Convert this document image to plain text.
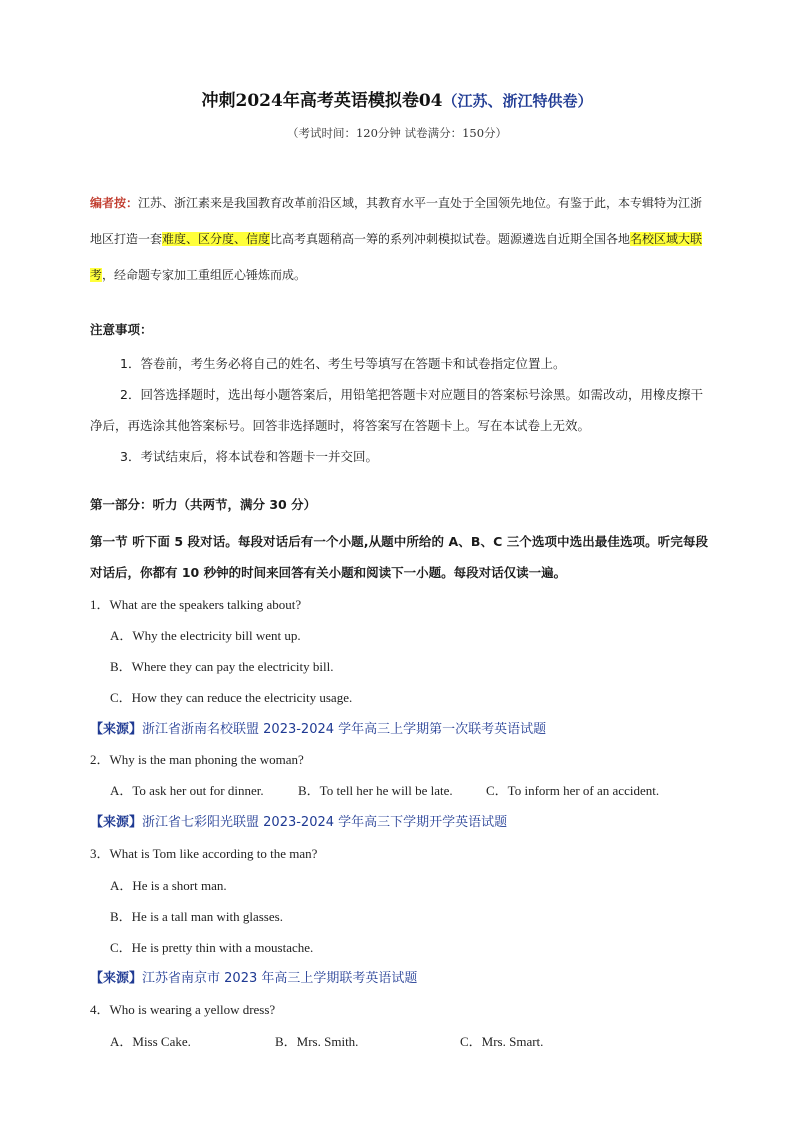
冲刺2024年高考英语模拟卷04（江苏、浙江特供卷）
（考试时间：120分钟 试卷满分：150分）
编者按：江苏、浙江素来是我国教育改革前沿区域，其教育水平一直处于全国领先地位。有鉴于此，本专辑特为江浙地区打造一套难度、区分度、信度比高考真题稍高一筹的系列冲刺模拟试卷。题源遴选自近期全国各地名校区域大联考，经命题专家加工重组匠心锤炼而成。
注意事项：

1．答卷前，考生务必将自己的姓名、考生号等填写在答题卡和试卷指定位置上。

2．回答选择题时，选出每小题答案后，用铅笔把答题卡对应题目的答案标号涂黑。如需改动，用橡皮擦干净后，再选涂其他答案标号。回答非选择题时，将答案写在答题卡上。写在本试卷上无效。

3．考试结束后，将本试卷和答题卡一并交回。

第一部分：听力（共两节，满分 30 分）
第一节 听下面 5 段对话。每段对话后有一个小题,从题中所给的 A、B、C 三个选项中选出最佳选项。听完每段对话后，你都有 10 秒钟的时间来回答有关小题和阅读下一小题。每段对话仅读一遍。
1．What are the speakers talking about?
A．Why the electricity bill went up.
B．Where they can pay the electricity bill.
C．How they can reduce the electricity usage.
【来源】浙江省浙南名校联盟 2023-2024 学年高三上学期第一次联考英语试题
2．Why is the man phoning the woman?
A．To ask her out for dinner.	B．To tell her he will be late.	C．To inform her of an accident.
【来源】浙江省七彩阳光联盟 2023-2024 学年高三下学期开学英语试题
3．What is Tom like according to the man?
A．He is a short man.
B．He is a tall man with glasses.
C．He is pretty thin with a moustache.
【来源】江苏省南京市 2023 年高三上学期联考英语试题
4．Who is wearing a yellow dress?
A．Miss Cake.	B．Mrs. Smith.	C．Mrs. Smart.
